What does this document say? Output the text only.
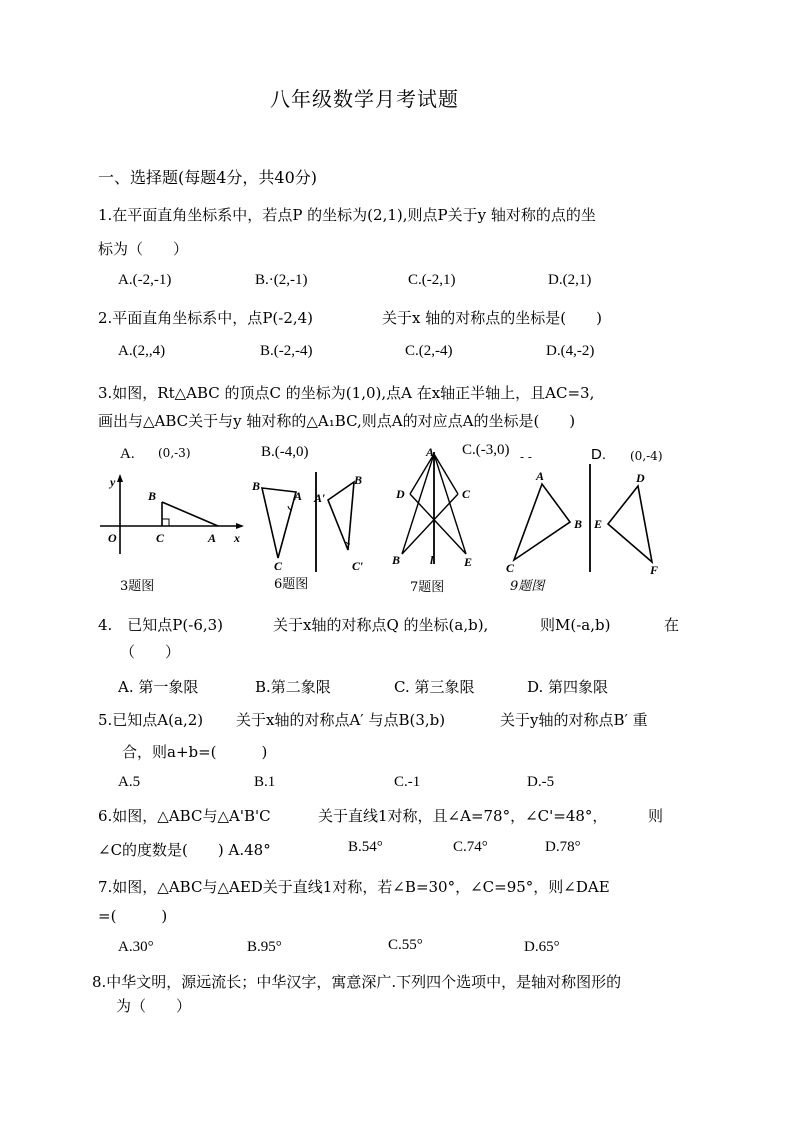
八年级数学月考试题
一、选择题(每题4分，共40分)
1.在平面直角坐标系中，若点P 的坐标为(2,1),则点P关于y 轴对称的点的坐
标为（　　）
A.(-2,-1)	B.·(2,-1)	C.(-2,1)	D.(2,1)
2.平面直角坐标系中，点P(-2,4)	关于x 轴的对称点的坐标是(　　)
A.(2,,4)	B.(-2,-4)	C.(2,-4)	D.(4,-2)
3.如图，Rt△ABC 的顶点C 的坐标为(1,0),点A 在x轴正半轴上，且AC=3,
画出与△ABC关于与y 轴对称的△A₁BC,则点A的对应点A的坐标是(　　)
A. (0,-3)	B.(-4,0)	C.(-3,0) - -	D. (0,-4)
y
B
O	C	A x
3题图
B
A A′
B
C	C′
6题图
A
D	C
B l	E
7题图
A	D
B E
C	F
9题图
4.　已知点P(-6,3)	关于x轴的对称点Q 的坐标(a,b),	则M(-a,b)	在
（　　）
A. 第一象限	B.第二象限	C. 第三象限	D. 第四象限
5.已知点A(a,2) 关于x轴的对称点A′ 与点B(3,b)	关于y轴的对称点B′ 重
合，则a+b=(　　　)
A.5	B.1	C.-1	D.-5
6.如图，△ABC与△A'B'C	关于直线1对称，且∠A=78°，∠C'=48°，	则
∠C的度数是(　　) A.48°	B.54°	C.74°	D.78°
7.如图，△ABC与△AED关于直线1对称，若∠B=30°，∠C=95°，则∠DAE
=(　　　)
A.30°	B.95°	C.55°	D.65°
8.中华文明，源远流长；中华汉字，寓意深广.下列四个选项中，是轴对称图形的
为（　　）
